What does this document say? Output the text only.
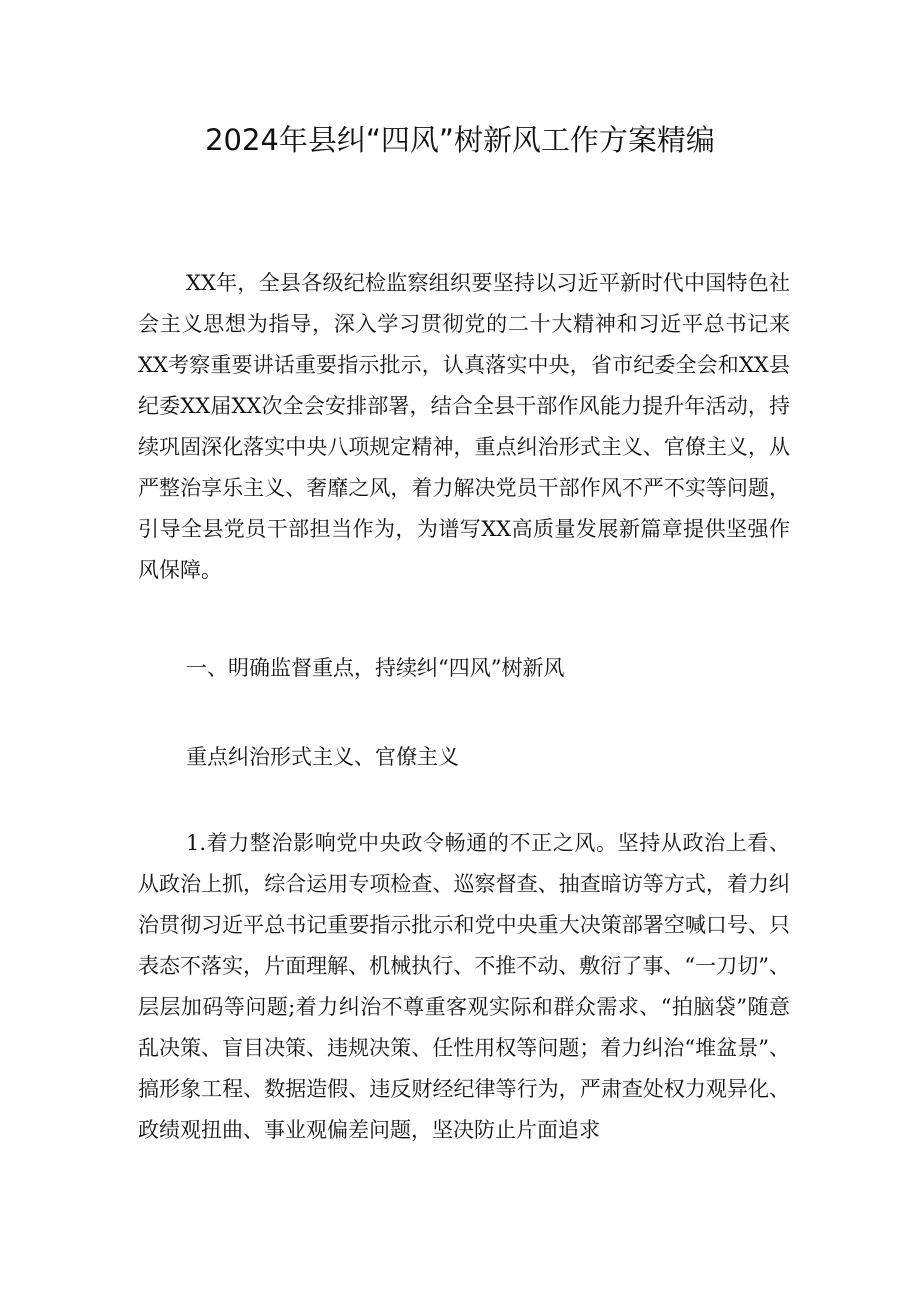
2024年县纠“四风”树新风工作方案精编

XX年，全县各级纪检监察组织要坚持以习近平新时代中国特色社会主义思想为指导，深入学习贯彻党的二十大精神和习近平总书记来XX考察重要讲话重要指示批示，认真落实中央，省市纪委全会和XX县纪委XX届XX次全会安排部署，结合全县干部作风能力提升年活动，持续巩固深化落实中央八项规定精神，重点纠治形式主义、官僚主义，从严整治享乐主义、奢靡之风，着力解决党员干部作风不严不实等问题，引导全县党员干部担当作为，为谱写XX高质量发展新篇章提供坚强作风保障。

一、明确监督重点，持续纠“四风”树新风

重点纠治形式主义、官僚主义

1.着力整治影响党中央政令畅通的不正之风。坚持从政治上看、从政治上抓，综合运用专项检查、巡察督查、抽查暗访等方式，着力纠治贯彻习近平总书记重要指示批示和党中央重大决策部署空喊口号、只表态不落实，片面理解、机械执行、不推不动、敷衍了事、“一刀切”、层层加码等问题;着力纠治不尊重客观实际和群众需求、“拍脑袋”随意乱决策、盲目决策、违规决策、任性用权等问题；着力纠治“堆盆景”、搞形象工程、数据造假、违反财经纪律等行为，严肃查处权力观异化、政绩观扭曲、事业观偏差问题，坚决防止片面追求
